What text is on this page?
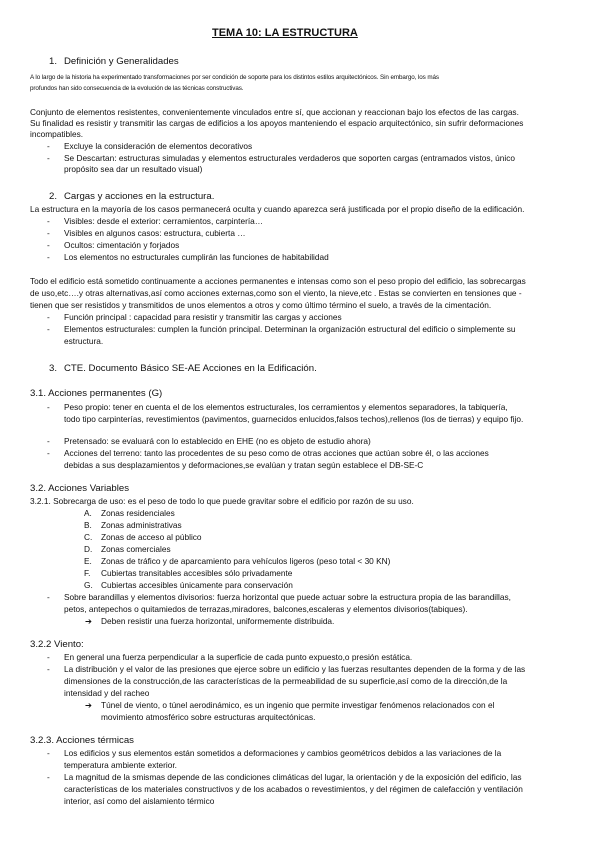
TEMA 10: LA ESTRUCTURA
1. Definición y Generalidades
A lo largo de la historia ha experimentado transformaciones por ser condición de soporte para los distintos estilos arquitectónicos. Sin embargo, los más
profundos han sido consecuencia de la evolución de las técnicas constructivas.
Conjunto de elementos resistentes, convenientemente vinculados entre sí, que accionan y reaccionan bajo los efectos de las cargas.
Su finalidad es resistir y transmitir las cargas de edificios a los apoyos manteniendo el espacio arquitectónico, sin sufrir deformaciones
incompatibles.
- Excluye la consideración de elementos decorativos
- Se Descartan: estructuras simuladas y elementos estructurales verdaderos que soporten cargas (entramados vistos, único
propósito sea dar un resultado visual)
2. Cargas y acciones en la estructura.
La estructura en la mayoría de los casos permanecerá oculta y cuando aparezca será justificada por el propio diseño de la edificación.
- Visibles: desde el exterior: cerramientos, carpintería…
- Visibles en algunos casos: estructura, cubierta …
- Ocultos: cimentación y forjados
- Los elementos no estructurales cumplirán las funciones de habitabilidad
Todo el edificio está sometido continuamente a acciones permanentes e intensas como son el peso propio del edificio, las sobrecargas
de uso,etc….y otras alternativas,así como acciones externas,como son el viento, la nieve,etc . Estas se convierten en tensiones que -
tienen que ser resistidos y transmitidos de unos elementos a otros y como último término el suelo, a través de la cimentación.
- Función principal : capacidad para resistir y transmitir las cargas y acciones
- Elementos estructurales: cumplen la función principal. Determinan la organización estructural del edificio o simplemente su
estructura.
3. CTE. Documento Básico SE-AE Acciones en la Edificación.
3.1. Acciones permanentes (G)
- Peso propio: tener en cuenta el de los elementos estructurales, los cerramientos y elementos separadores, la tabiquería,
todo tipo carpinterías, revestimientos (pavimentos, guarnecidos enlucidos,falsos techos),rellenos (los de tierras) y equipo fijo.
- Pretensado: se evaluará con lo establecido en EHE (no es objeto de estudio ahora)
- Acciones del terreno: tanto las procedentes de su peso como de otras acciones que actúan sobre él, o las acciones
debidas a sus desplazamientos y deformaciones,se evalúan y tratan según establece el DB-SE-C
3.2. Acciones Variables
3.2.1. Sobrecarga de uso: es el peso de todo lo que puede gravitar sobre el edificio por razón de su uso.
A. Zonas residenciales
B. Zonas administrativas
C. Zonas de acceso al público
D. Zonas comerciales
E. Zonas de tráfico y de aparcamiento para vehículos ligeros (peso total < 30 KN)
F. Cubiertas transitables accesibles sólo privadamente
G. Cubiertas accesibles únicamente para conservación
- Sobre barandillas y elementos divisorios: fuerza horizontal que puede actuar sobre la estructura propia de las barandillas,
petos, antepechos o quitamiedos de terrazas,miradores, balcones,escaleras y elementos divisorios(tabiques).
➔ Deben resistir una fuerza horizontal, uniformemente distribuida.
3.2.2 Viento:
- En general una fuerza perpendicular a la superficie de cada punto expuesto,o presión estática.
- La distribución y el valor de las presiones que ejerce sobre un edificio y las fuerzas resultantes dependen de la forma y de las
dimensiones de la construcción,de las características de la permeabilidad de su superficie,así como de la dirección,de la
intensidad y del racheo
➔ Túnel de viento, o túnel aerodinámico, es un ingenio que permite investigar fenómenos relacionados con el
movimiento atmosférico sobre estructuras arquitectónicas.
3.2.3. Acciones térmicas
- Los edificios y sus elementos están sometidos a deformaciones y cambios geométricos debidos a las variaciones de la
temperatura ambiente exterior.
- La magnitud de la smismas depende de las condiciones climáticas del lugar, la orientación y de la exposición del edificio, las
características de los materiales constructivos y de los acabados o revestimientos, y del régimen de calefacción y ventilación
interior, así como del aislamiento térmico
